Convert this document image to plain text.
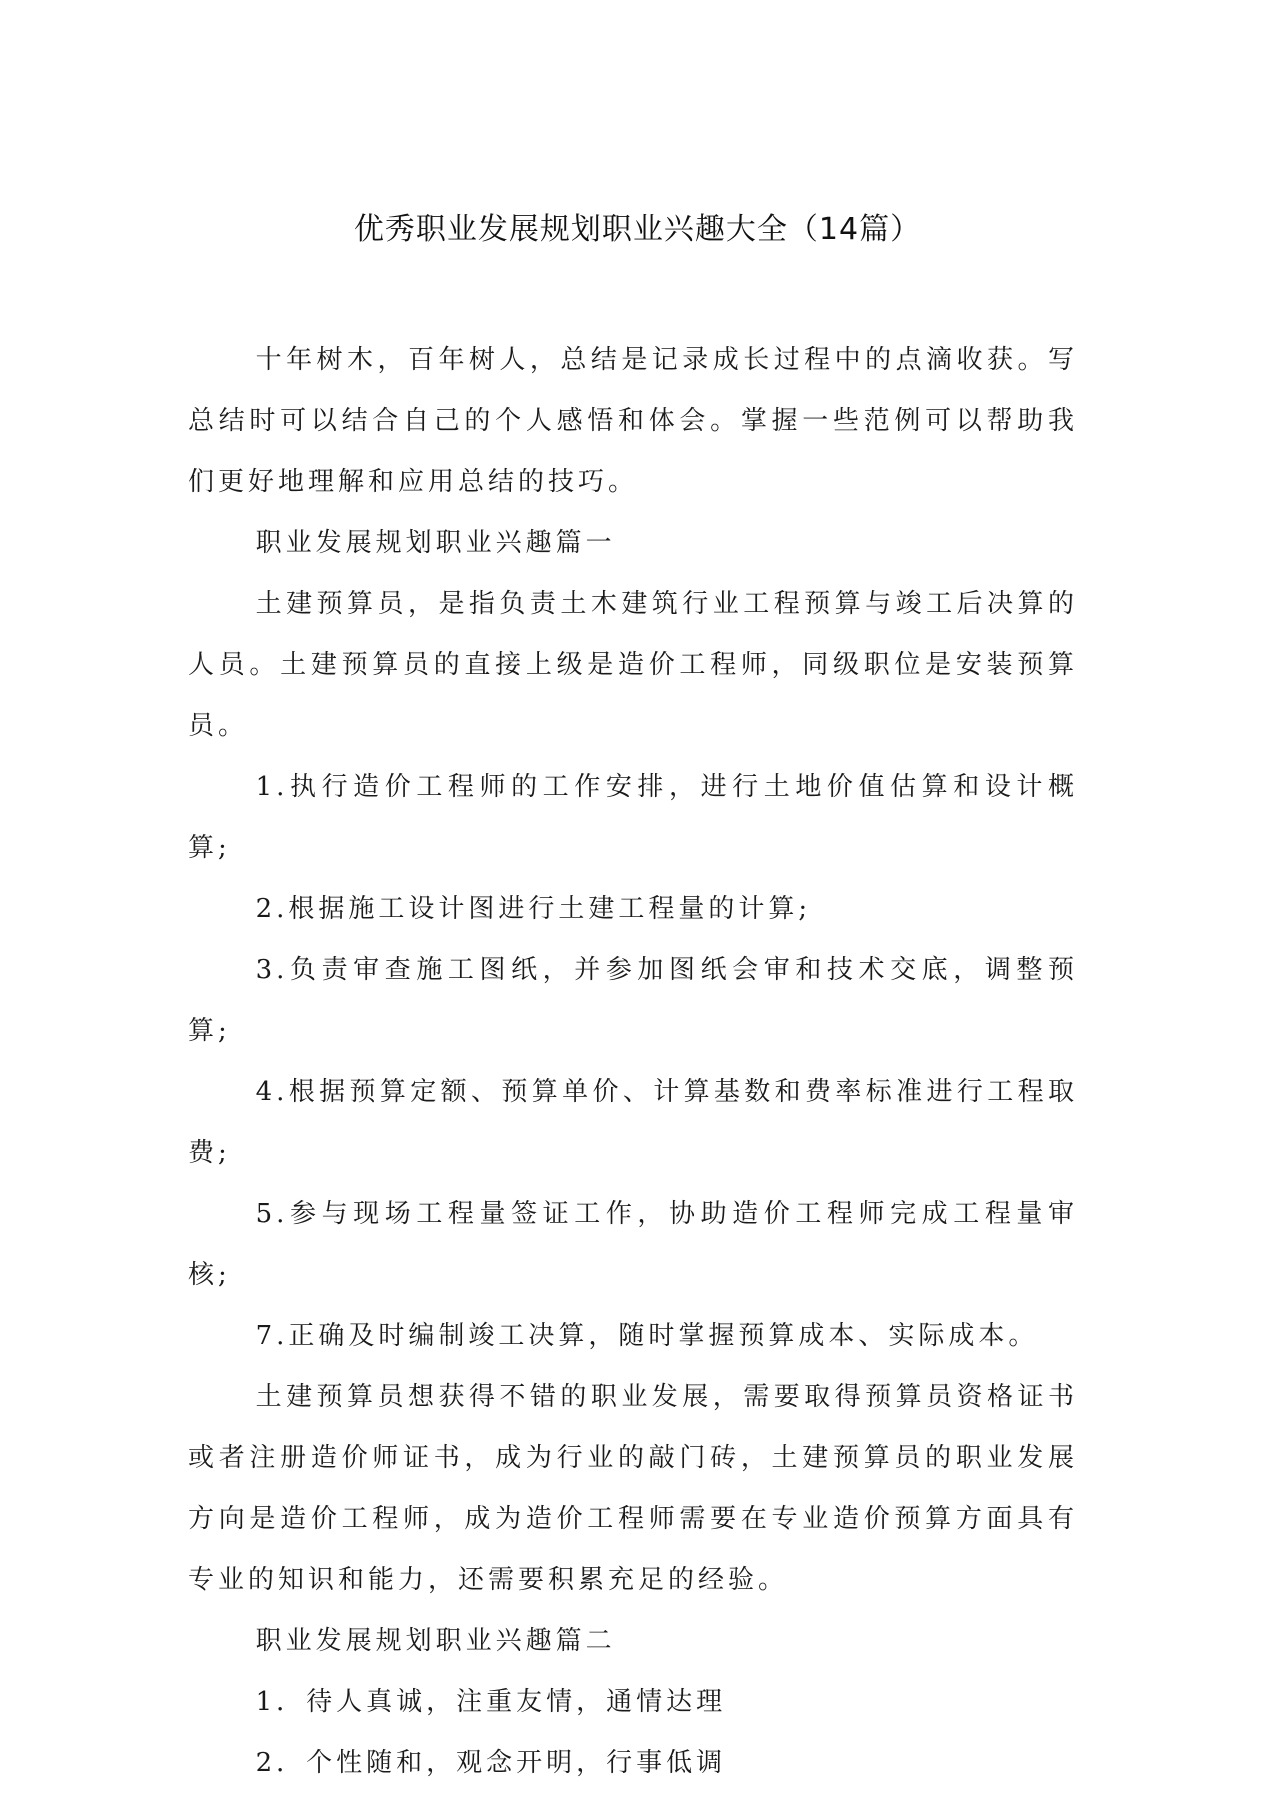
优秀职业发展规划职业兴趣大全（14篇）

十年树木，百年树人，总结是记录成长过程中的点滴收获。写总结时可以结合自己的个人感悟和体会。掌握一些范例可以帮助我们更好地理解和应用总结的技巧。

职业发展规划职业兴趣篇一

土建预算员，是指负责土木建筑行业工程预算与竣工后决算的人员。土建预算员的直接上级是造价工程师，同级职位是安装预算员。

1.执行造价工程师的工作安排，进行土地价值估算和设计概算;

2.根据施工设计图进行土建工程量的计算;

3.负责审查施工图纸，并参加图纸会审和技术交底，调整预算;

4.根据预算定额、预算单价、计算基数和费率标准进行工程取费;

5.参与现场工程量签证工作，协助造价工程师完成工程量审核;

7.正确及时编制竣工决算，随时掌握预算成本、实际成本。

土建预算员想获得不错的职业发展，需要取得预算员资格证书或者注册造价师证书，成为行业的敲门砖，土建预算员的职业发展方向是造价工程师，成为造价工程师需要在专业造价预算方面具有专业的知识和能力，还需要积累充足的经验。

职业发展规划职业兴趣篇二

1．待人真诚，注重友情，通情达理

2．个性随和，观念开明，行事低调
